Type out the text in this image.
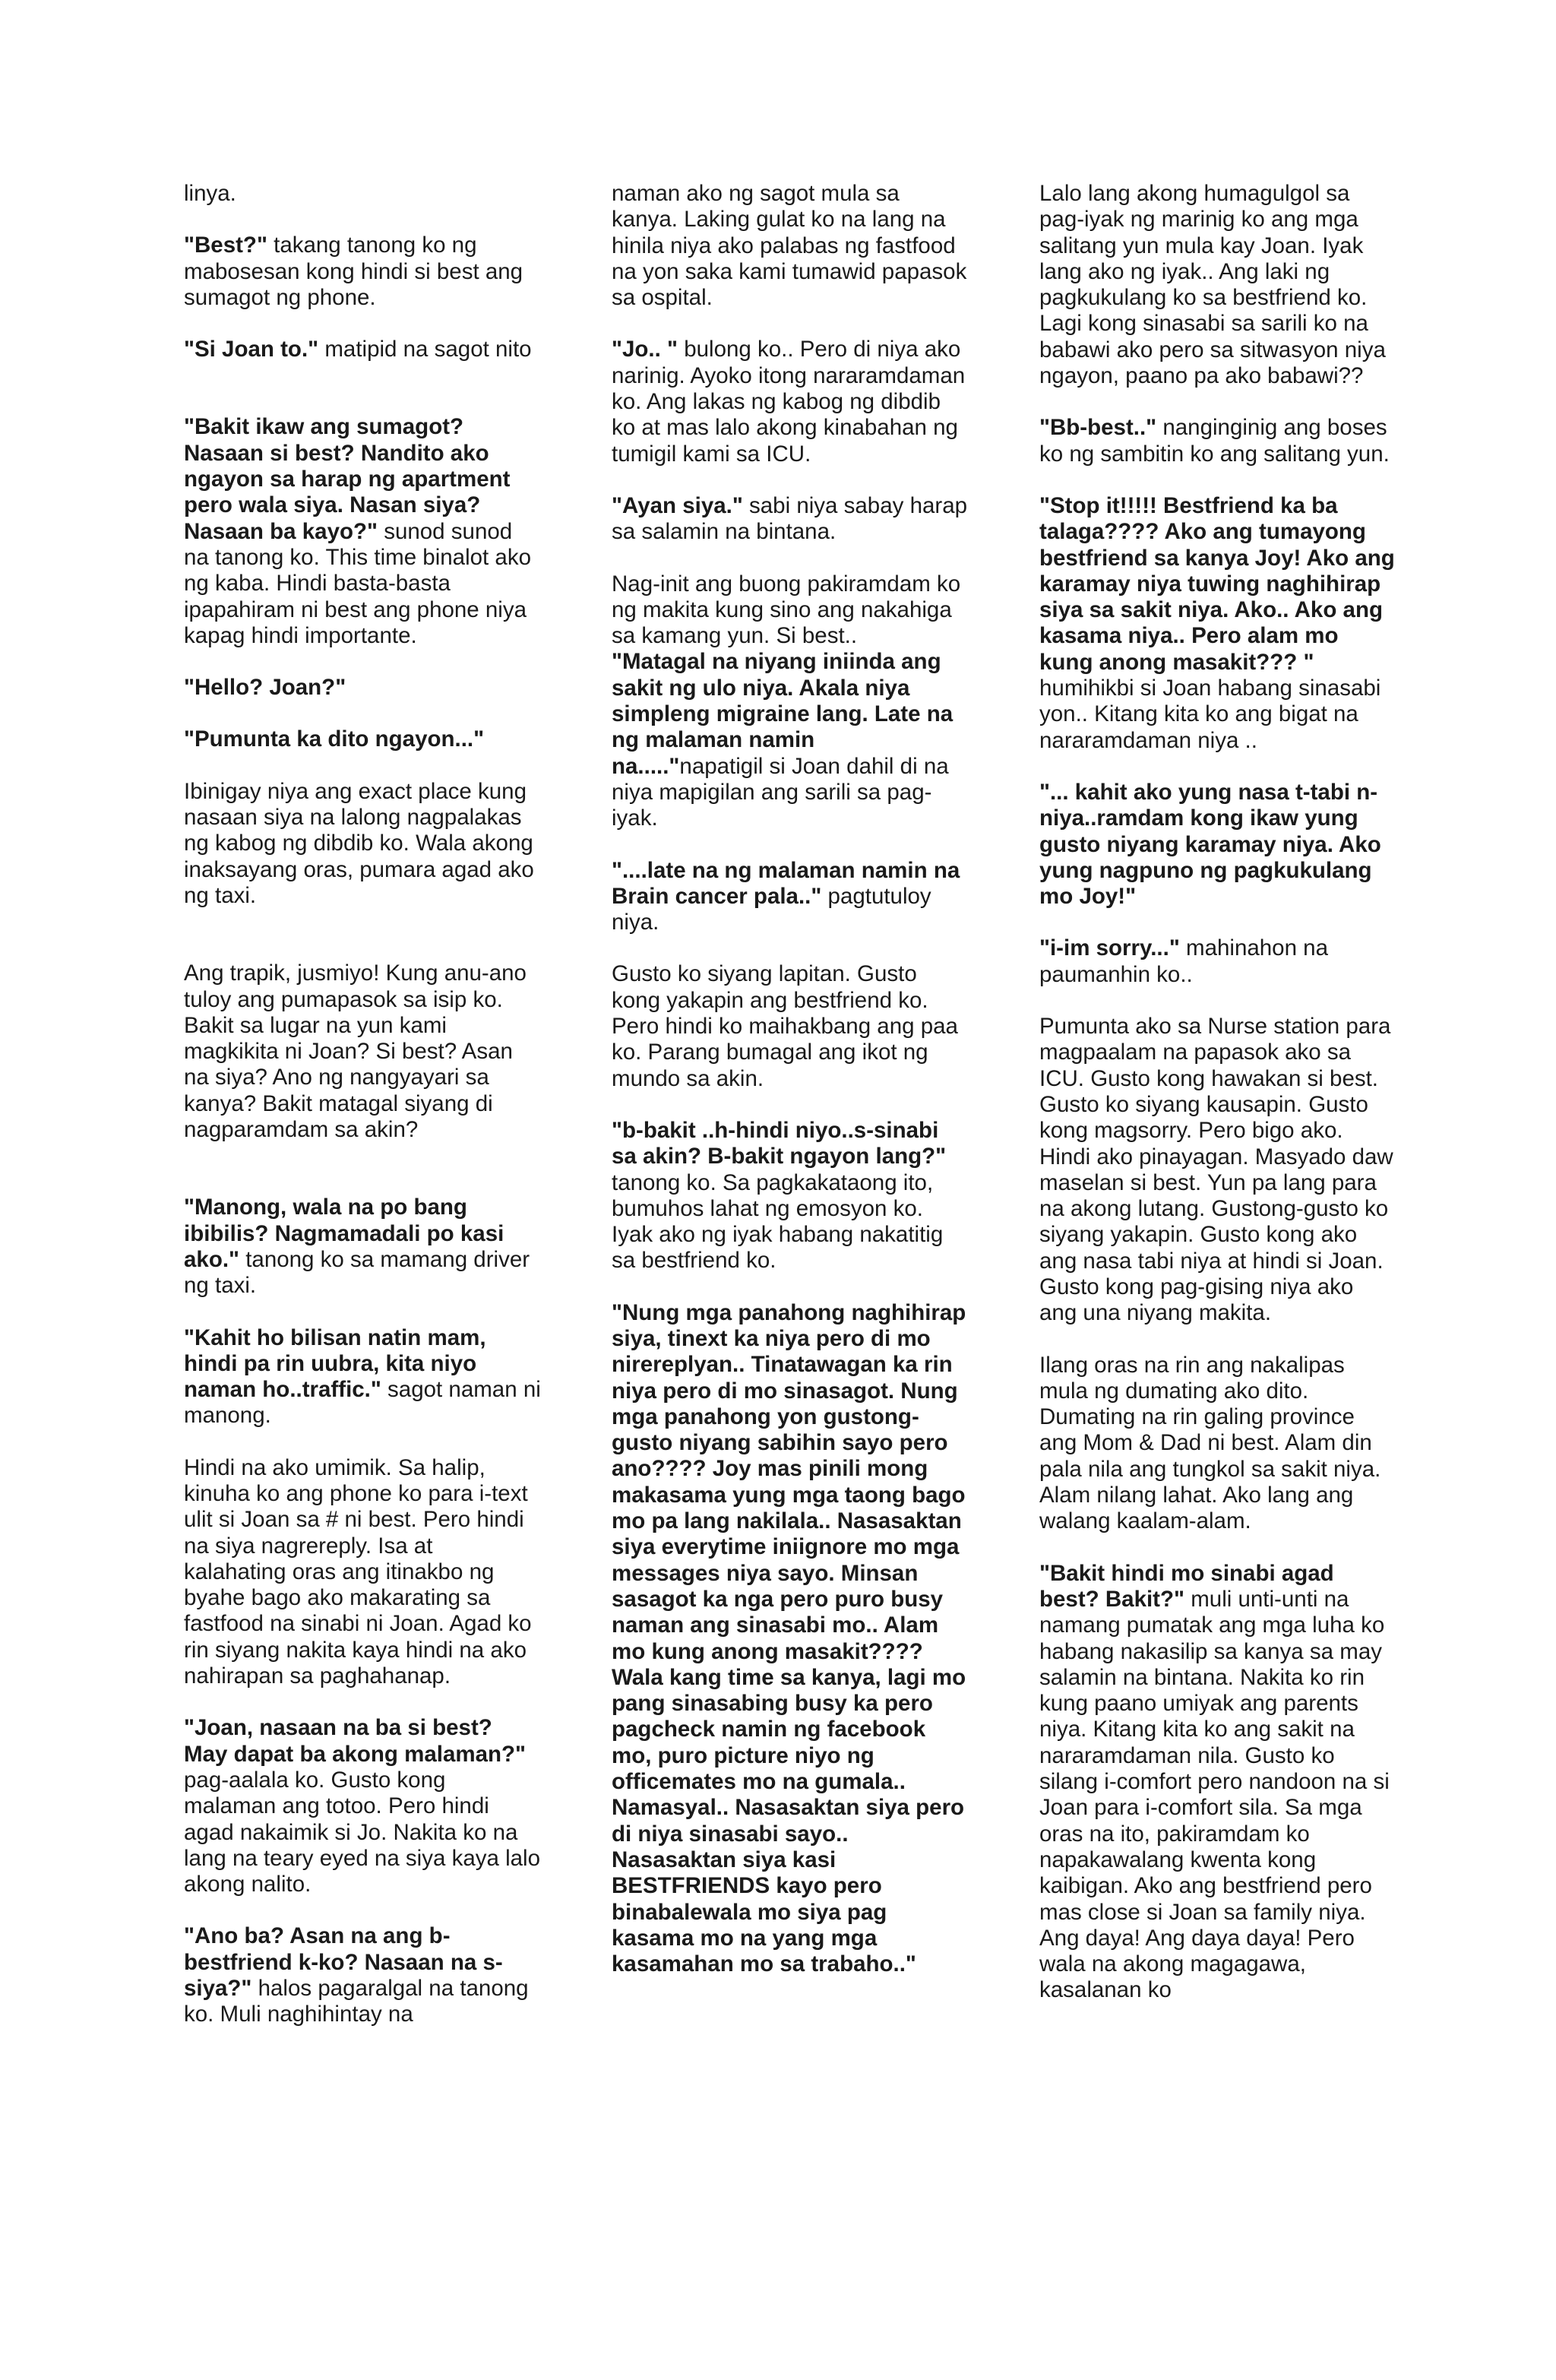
linya.

"Best?" takang tanong ko ng mabosesan kong hindi si best ang sumagot ng phone.

"Si Joan to." matipid na sagot nito

"Bakit ikaw ang sumagot? Nasaan si best? Nandito ako ngayon sa harap ng apartment pero wala siya. Nasan siya? Nasaan ba kayo?" sunod sunod na tanong ko. This time binalot ako ng kaba. Hindi basta-basta ipapahiram ni best ang phone niya kapag hindi importante.

"Hello? Joan?"

"Pumunta ka dito ngayon..."

Ibinigay niya ang exact place kung nasaan siya na lalong nagpalakas ng kabog ng dibdib ko. Wala akong inaksayang oras, pumara agad ako ng taxi.

Ang trapik, jusmiyo! Kung anu-ano tuloy ang pumapasok sa isip ko. Bakit sa lugar na yun kami magkikita ni Joan? Si best? Asan na siya? Ano ng nangyayari sa kanya? Bakit matagal siyang di nagparamdam sa akin?

"Manong, wala na po bang ibibilis? Nagmamadali po kasi ako." tanong ko sa mamang driver ng taxi.

"Kahit ho bilisan natin mam, hindi pa rin uubra, kita niyo naman ho..traffic." sagot naman ni manong.

Hindi na ako umimik. Sa halip, kinuha ko ang phone ko para i-text ulit si Joan sa # ni best. Pero hindi na siya nagrereply. Isa at kalahating oras ang itinakbo ng byahe bago ako makarating sa fastfood na sinabi ni Joan. Agad ko rin siyang nakita kaya hindi na ako nahirapan sa paghahanap.

"Joan, nasaan na ba si best? May dapat ba akong malaman?" pag-aalala ko. Gusto kong malaman ang totoo. Pero hindi agad nakaimik si Jo. Nakita ko na lang na teary eyed na siya kaya lalo akong nalito.

"Ano ba? Asan na ang b-bestfriend k-ko? Nasaan na s-siya?" halos pagaralgal na tanong ko. Muli naghihintay na

naman ako ng sagot mula sa kanya. Laking gulat ko na lang na hinila niya ako palabas ng fastfood na yon saka kami tumawid papasok sa ospital.

"Jo.. " bulong ko.. Pero di niya ako narinig. Ayoko itong nararamdaman ko. Ang lakas ng kabog ng dibdib ko at mas lalo akong kinabahan ng tumigil kami sa ICU.

"Ayan siya." sabi niya sabay harap sa salamin na bintana.

Nag-init ang buong pakiramdam ko ng makita kung sino ang nakahiga sa kamang yun. Si best..

"Matagal na niyang iniinda ang sakit ng ulo niya. Akala niya simpleng migraine lang. Late na ng malaman namin na....."napatigil si Joan dahil di na niya mapigilan ang sarili sa pag-iyak.

"....late na ng malaman namin na Brain cancer pala.." pagtutuloy niya.

Gusto ko siyang lapitan. Gusto kong yakapin ang bestfriend ko. Pero hindi ko maihakbang ang paa ko. Parang bumagal ang ikot ng mundo sa akin.

"b-bakit ..h-hindi niyo..s-sinabi sa akin? B-bakit ngayon lang?" tanong ko. Sa pagkakataong ito, bumuhos lahat ng emosyon ko. Iyak ako ng iyak habang nakatitig sa bestfriend ko.

"Nung mga panahong naghihirap siya, tinext ka niya pero di mo nirereplyan.. Tinatawagan ka rin niya pero di mo sinasagot. Nung mga panahong yon gustong-gusto niyang sabihin sayo pero ano???? Joy mas pinili mong makasama yung mga taong bago mo pa lang nakilala.. Nasasaktan siya everytime iniignore mo mga messages niya sayo. Minsan sasagot ka nga pero puro busy naman ang sinasabi mo.. Alam mo kung anong masakit???? Wala kang time sa kanya, lagi mo pang sinasabing busy ka pero pagcheck namin ng facebook mo, puro picture niyo ng officemates mo na gumala.. Namasyal.. Nasasaktan siya pero di niya sinasabi sayo.. Nasasaktan siya kasi BESTFRIENDS kayo pero binabalewala mo siya pag kasama mo na yang mga kasamahan mo sa trabaho.."

Lalo lang akong humagulgol sa pag-iyak ng marinig ko ang mga salitang yun mula kay Joan. Iyak lang ako ng iyak.. Ang laki ng pagkukulang ko sa bestfriend ko. Lagi kong sinasabi sa sarili ko na babawi ako pero sa sitwasyon niya ngayon, paano pa ako babawi??

"Bb-best.." nanginginig ang boses ko ng sambitin ko ang salitang yun.

"Stop it!!!!! Bestfriend ka ba talaga???? Ako ang tumayong bestfriend sa kanya Joy! Ako ang karamay niya tuwing naghihirap siya sa sakit niya. Ako.. Ako ang kasama niya.. Pero alam mo kung anong masakit??? " humihikbi si Joan habang sinasabi yon.. Kitang kita ko ang bigat na nararamdaman niya ..

"... kahit ako yung nasa t-tabi n-niya..ramdam kong ikaw yung gusto niyang karamay niya. Ako yung nagpuno ng pagkukulang mo Joy!"

"i-im sorry..." mahinahon na paumanhin ko..

Pumunta ako sa Nurse station para magpaalam na papasok ako sa ICU. Gusto kong hawakan si best. Gusto ko siyang kausapin. Gusto kong magsorry. Pero bigo ako. Hindi ako pinayagan. Masyado daw maselan si best. Yun pa lang para na akong lutang. Gustong-gusto ko siyang yakapin. Gusto kong ako ang nasa tabi niya at hindi si Joan. Gusto kong pag-gising niya ako ang una niyang makita.

Ilang oras na rin ang nakalipas mula ng dumating ako dito. Dumating na rin galing province ang Mom & Dad ni best. Alam din pala nila ang tungkol sa sakit niya. Alam nilang lahat. Ako lang ang walang kaalam-alam.

"Bakit hindi mo sinabi agad best? Bakit?" muli unti-unti na namang pumatak ang mga luha ko habang nakasilip sa kanya sa may salamin na bintana. Nakita ko rin kung paano umiyak ang parents niya. Kitang kita ko ang sakit na nararamdaman nila. Gusto ko silang i-comfort pero nandoon na si Joan para i-comfort sila. Sa mga oras na ito, pakiramdam ko napakawalang kwenta kong kaibigan. Ako ang bestfriend pero mas close si Joan sa family niya. Ang daya! Ang daya daya! Pero wala na akong magagawa, kasalanan ko
